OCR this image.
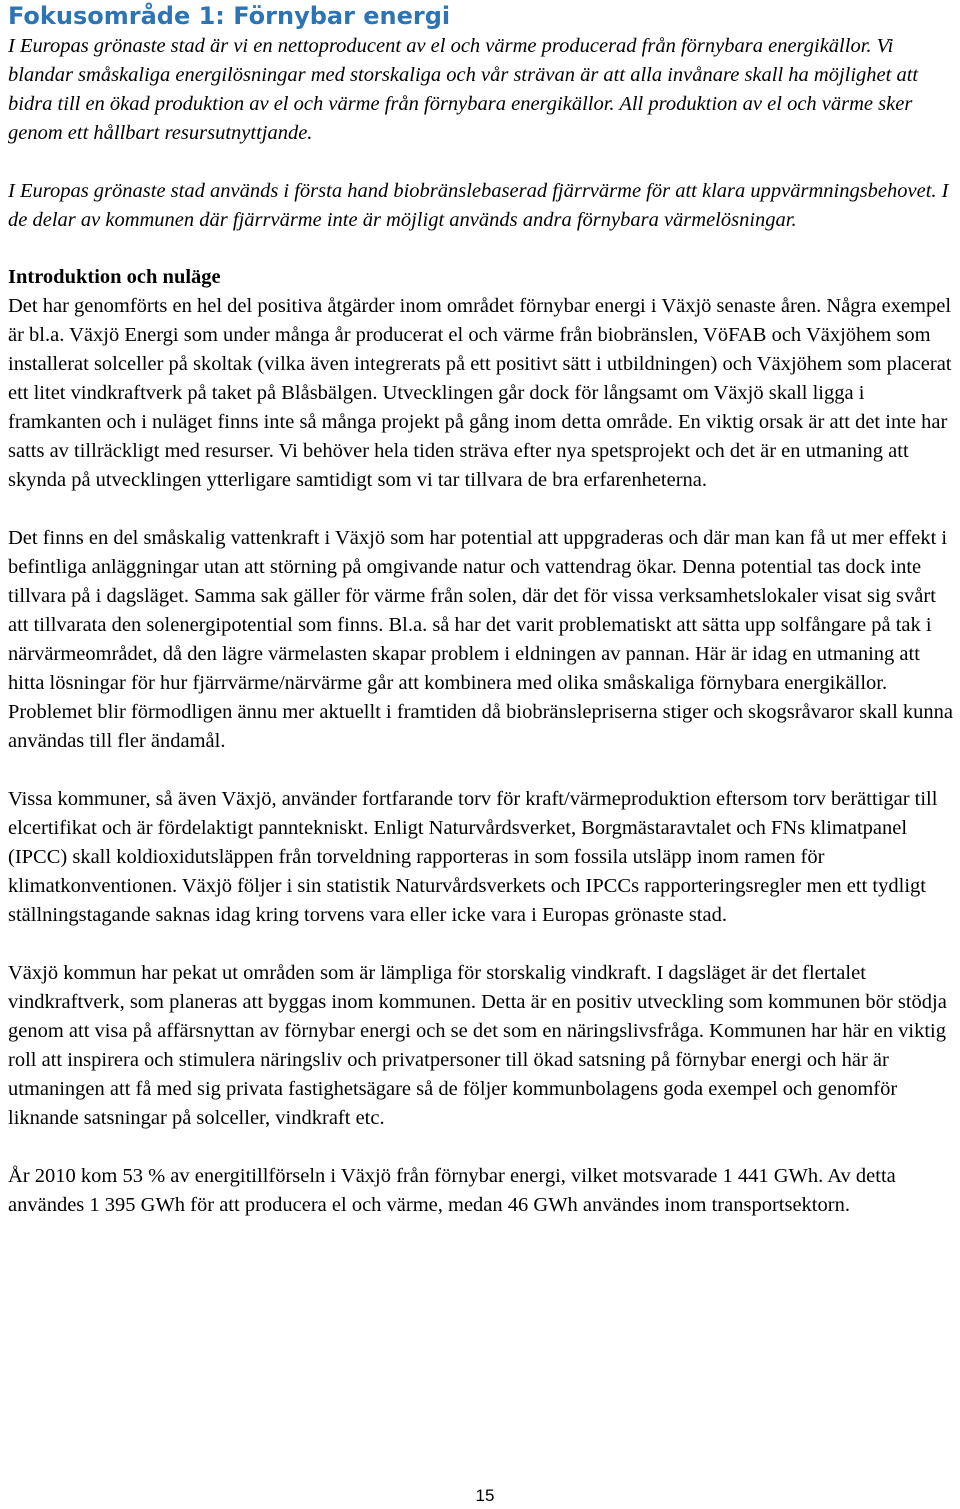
Fokusområde 1: Förnybar energi

I Europas grönaste stad är vi en nettoproducent av el och värme producerad från förnybara energikällor. Vi blandar småskaliga energilösningar med storskaliga och vår strävan är att alla invånare skall ha möjlighet att bidra till en ökad produktion av el och värme från förnybara energikällor. All produktion av el och värme sker genom ett hållbart resursutnyttjande.

I Europas grönaste stad används i första hand biobränslebaserad fjärrvärme för att klara uppvärmningsbehovet. I de delar av kommunen där fjärrvärme inte är möjligt används andra förnybara värmelösningar.

Introduktion och nuläge

Det har genomförts en hel del positiva åtgärder inom området förnybar energi i Växjö senaste åren. Några exempel är bl.a. Växjö Energi som under många år producerat el och värme från biobränslen, VöFAB och Växjöhem som installerat solceller på skoltak (vilka även integrerats på ett positivt sätt i utbildningen) och Växjöhem som placerat ett litet vindkraftverk på taket på Blåsbälgen. Utvecklingen går dock för långsamt om Växjö skall ligga i framkanten och i nuläget finns inte så många projekt på gång inom detta område. En viktig orsak är att det inte har satts av tillräckligt med resurser. Vi behöver hela tiden sträva efter nya spetsprojekt och det är en utmaning att skynda på utvecklingen ytterligare samtidigt som vi tar tillvara de bra erfarenheterna.

Det finns en del småskalig vattenkraft i Växjö som har potential att uppgraderas och där man kan få ut mer effekt i befintliga anläggningar utan att störning på omgivande natur och vattendrag ökar. Denna potential tas dock inte tillvara på i dagsläget. Samma sak gäller för värme från solen, där det för vissa verksamhetslokaler visat sig svårt att tillvarata den solenergipotential som finns. Bl.a. så har det varit problematiskt att sätta upp solfångare på tak i närvärmeområdet, då den lägre värmelasten skapar problem i eldningen av pannan. Här är idag en utmaning att hitta lösningar för hur fjärrvärme/närvärme går att kombinera med olika småskaliga förnybara energikällor. Problemet blir förmodligen ännu mer aktuellt i framtiden då biobränslepriserna stiger och skogsråvaror skall kunna användas till fler ändamål.

Vissa kommuner, så även Växjö, använder fortfarande torv för kraft/värmeproduktion eftersom torv berättigar till elcertifikat och är fördelaktigt panntekniskt. Enligt Naturvårdsverket, Borgmästaravtalet och FNs klimatpanel (IPCC) skall koldioxidutsläppen från torveldning rapporteras in som fossila utsläpp inom ramen för klimatkonventionen. Växjö följer i sin statistik Naturvårdsverkets och IPCCs rapporteringsregler men ett tydligt ställningstagande saknas idag kring torvens vara eller icke vara i Europas grönaste stad.

Växjö kommun har pekat ut områden som är lämpliga för storskalig vindkraft. I dagsläget är det flertalet vindkraftverk, som planeras att byggas inom kommunen. Detta är en positiv utveckling som kommunen bör stödja genom att visa på affärsnyttan av förnybar energi och se det som en näringslivsfråga. Kommunen har här en viktig roll att inspirera och stimulera näringsliv och privatpersoner till ökad satsning på förnybar energi och här är utmaningen att få med sig privata fastighetsägare så de följer kommunbolagens goda exempel och genomför liknande satsningar på solceller, vindkraft etc.

År 2010 kom 53 % av energitillförseln i Växjö från förnybar energi, vilket motsvarade 1 441 GWh. Av detta användes 1 395 GWh för att producera el och värme, medan 46 GWh användes inom transportsektorn.

15
